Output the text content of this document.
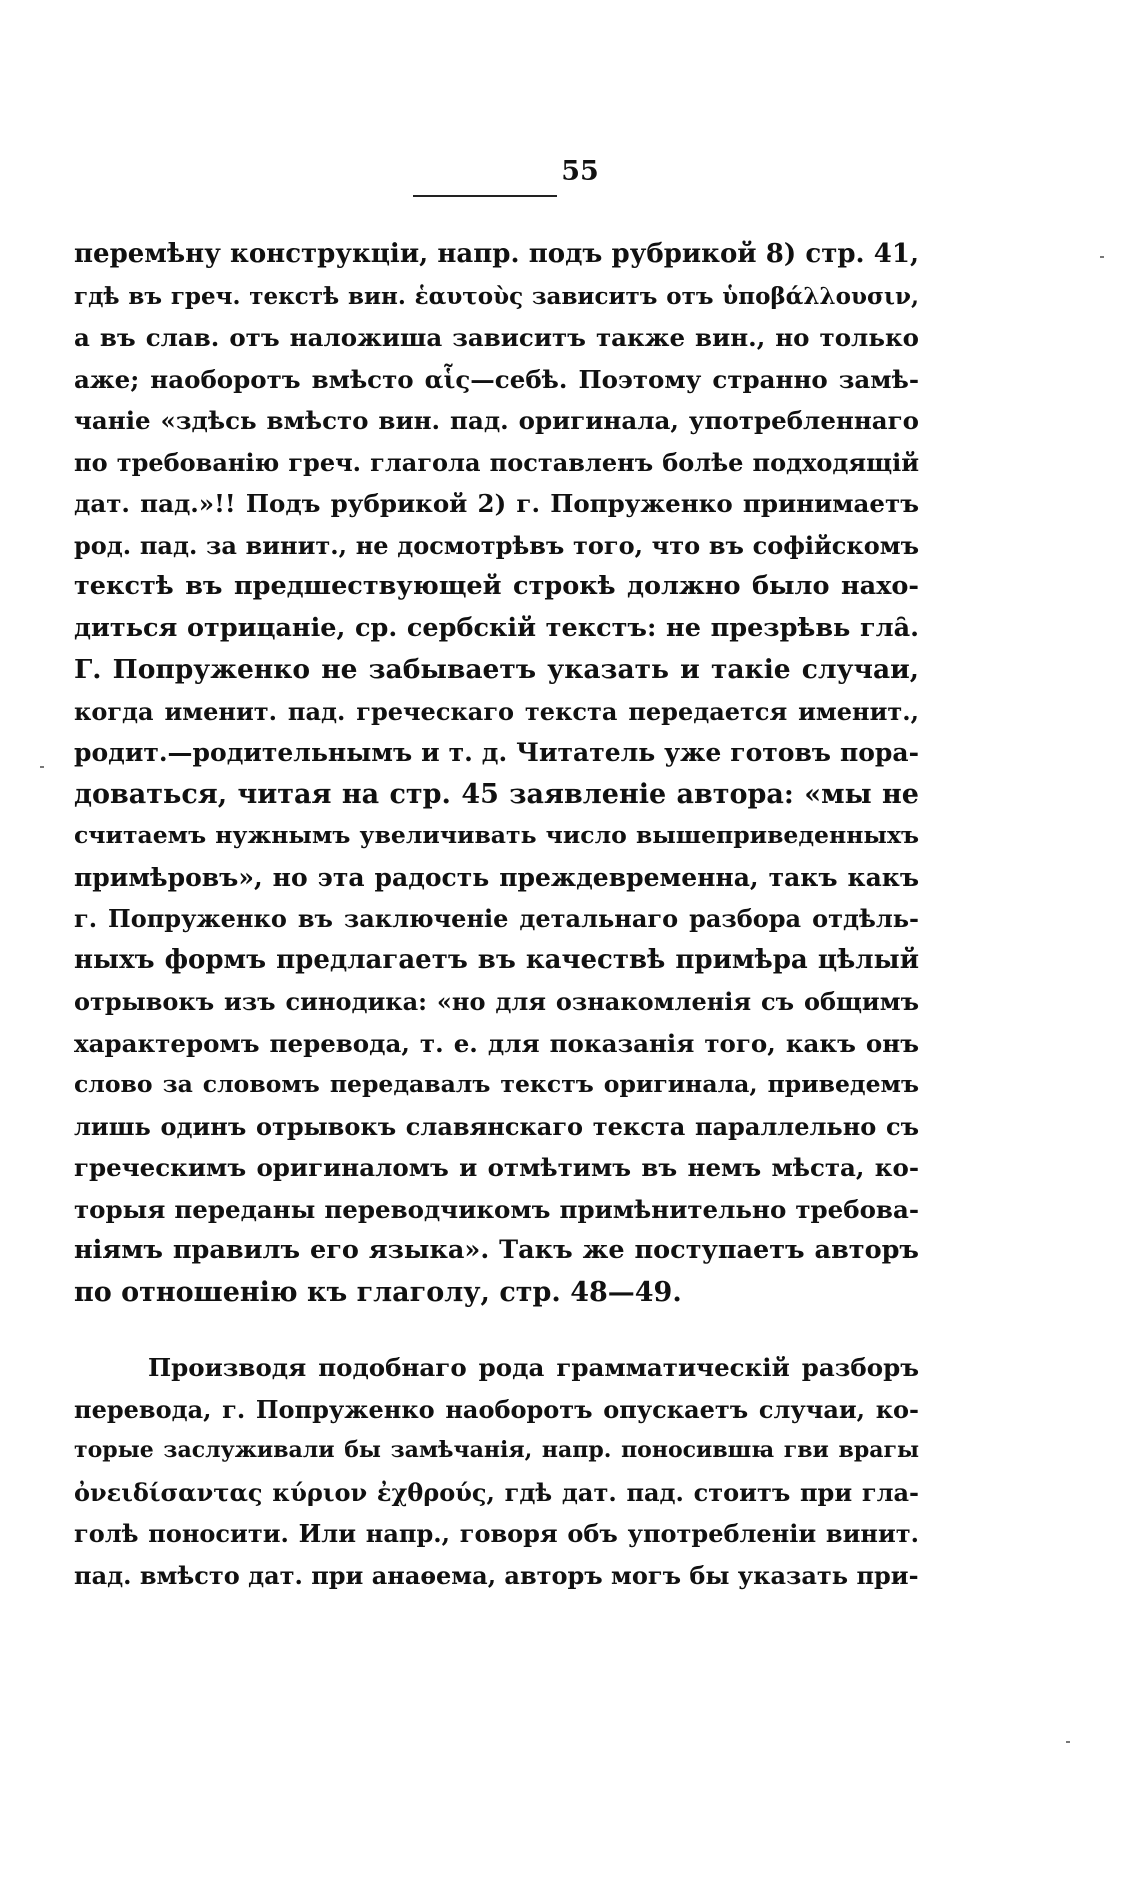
55
перемѣну конструкціи, напр. подъ рубрикой 8) стр. 41,
гдѣ въ греч. текстѣ вин. ἑαυτοὺς зависитъ отъ ὑποβάλλουσιν,
а въ слав. отъ наложиша зависитъ также вин., но только
аже; наоборотъ вмѣсто αἷς—себѣ. Поэтому странно замѣ-
чаніе «здѣсь вмѣсто вин. пад. оригинала, употребленнаго
по требованію греч. глагола поставленъ болѣе подходящій
дат. пад.»!! Подъ рубрикой 2) г. Попруженко принимаетъ
род. пад. за винит., не досмотрѣвъ того, что въ софійскомъ
текстѣ въ предшествующей строкѣ должно было нахо-
диться отрицаніе, ср. сербскій текстъ: не презрѣвь гла̑.
Г. Попруженко не забываетъ указать и такіе случаи,
когда именит. пад. греческаго текста передается именит.,
родит.—родительнымъ и т. д. Читатель уже готовъ пора-
доваться, читая на стр. 45 заявленіе автора: «мы не
считаемъ нужнымъ увеличивать число вышеприведенныхъ
примѣровъ», но эта радость преждевременна, такъ какъ
г. Попруженко въ заключеніе детальнаго разбора отдѣль-
ныхъ формъ предлагаетъ въ качествѣ примѣра цѣлый
отрывокъ изъ синодика: «но для ознакомленія съ общимъ
характеромъ перевода, т. е. для показанія того, какъ онъ
слово за словомъ передавалъ текстъ оригинала, приведемъ
лишь одинъ отрывокъ славянскаго текста параллельно съ
греческимъ оригиналомъ и отмѣтимъ въ немъ мѣста, ко-
торыя переданы переводчикомъ примѣнительно требова-
ніямъ правилъ его языка». Такъ же поступаетъ авторъ
по отношенію къ глаголу, стр. 48—49.
Производя подобнаго рода грамматическій разборъ
перевода, г. Попруженко наоборотъ опускаетъ случаи, ко-
торые заслуживали бы замѣчанія, напр. поносившꙗ гви врагы
ὀνειδίσαντας κύριον ἐχθρούς, гдѣ дат. пад. стоитъ при гла-
голѣ поносити. Или напр., говоря объ употребленіи винит.
пад. вмѣсто дат. при анаѳема, авторъ могъ бы указать при-
